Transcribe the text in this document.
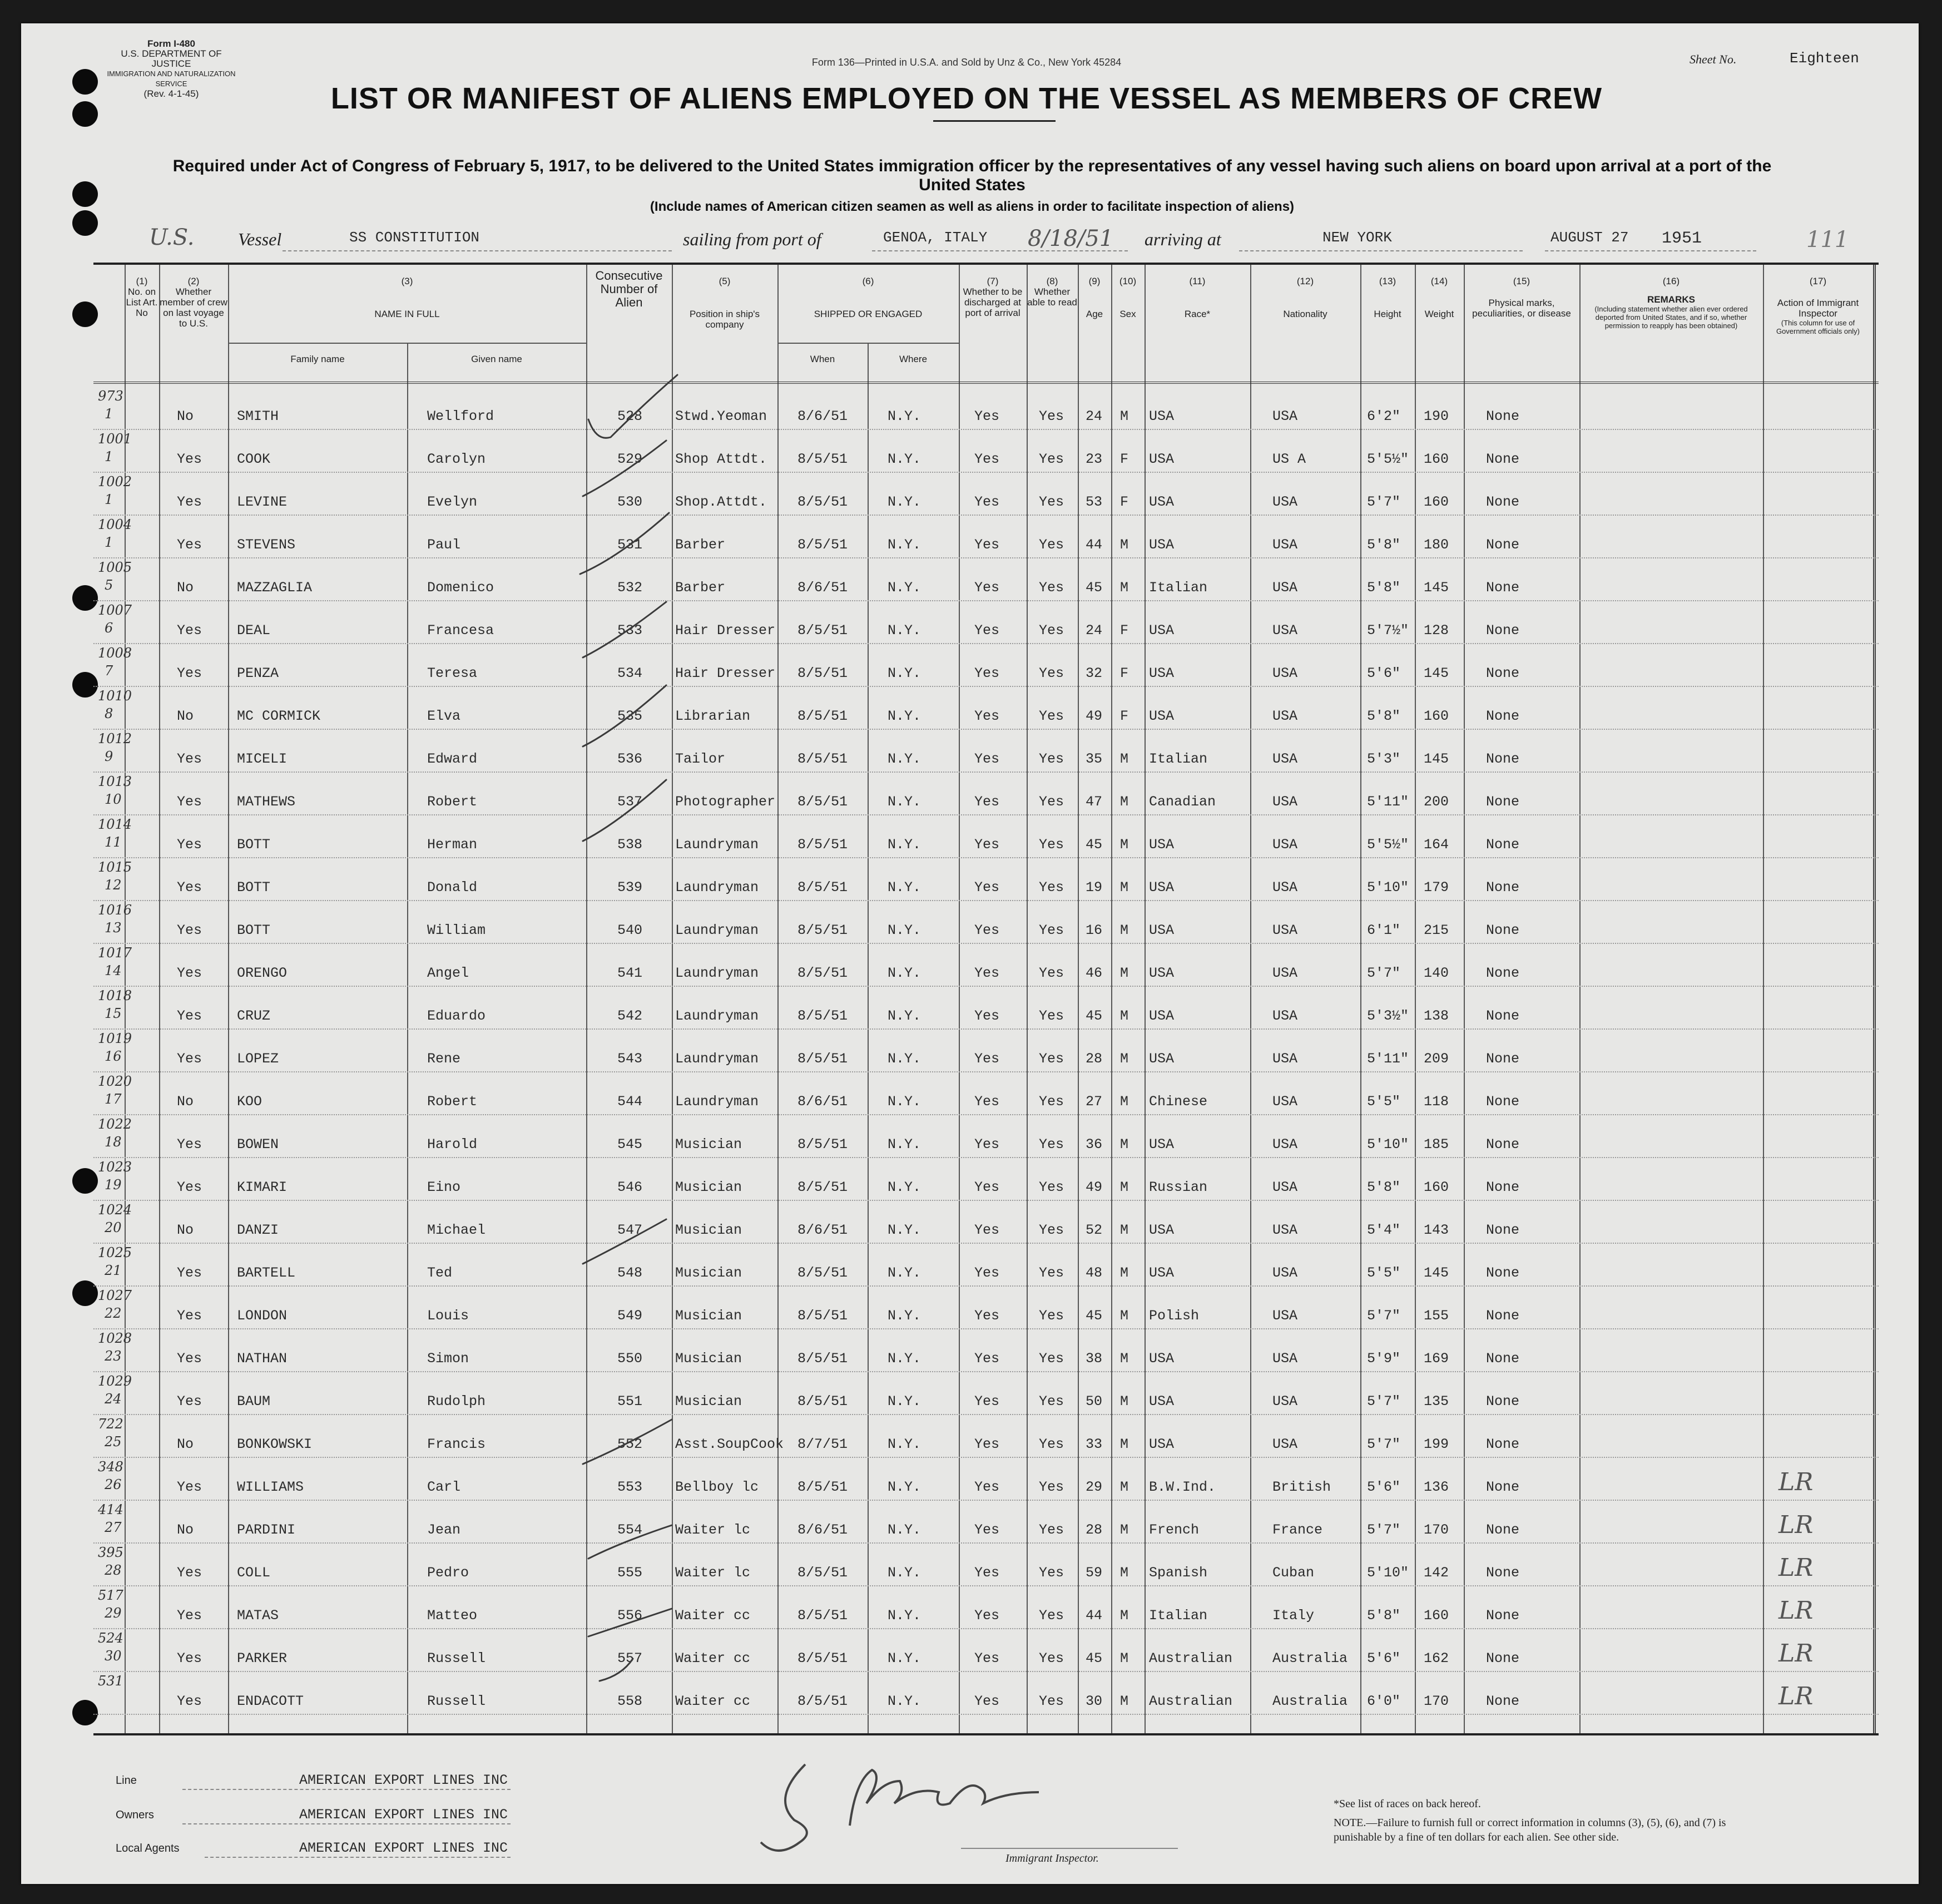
Form I-480
U.S. DEPARTMENT OF JUSTICE
IMMIGRATION AND NATURALIZATION SERVICE
(Rev. 4-1-45)
Form 136—Printed in U.S.A. and Sold by Unz & Co., New York 45284	Sheet No.	Eighteen
LIST OR MANIFEST OF ALIENS EMPLOYED ON THE VESSEL AS MEMBERS OF CREW
Required under Act of Congress of February 5, 1917, to be delivered to the United States immigration officer by the representatives of any vessel having such aliens on board upon arrival at a port of the United States
(Include names of American citizen seamen as well as aliens in order to facilitate inspection of aliens)
U.S. Vessel	SS CONSTITUTION	sailing from port of	GENOA, ITALY 8/18/51 arriving at	NEW YORK	AUGUST 27 1951	111
(1)
No. on List Art. No
(2)
Whether member of crew on last voyage to U.S.
(3)
NAME IN FULL
Family name	Given name
Consecutive Number of Alien
(5)
Position in ship's company
(6)
SHIPPED OR ENGAGED
When	Where
(7)
Whether to be discharged at port of arrival
(8)
Whether able to read
(9)
Age
(10)
Sex
(11)
Race*
(12)
Nationality
(13)
Height
(14)
Weight
(15)
Physical marks, peculiarities, or disease
(16)
REMARKS
(Including statement whether alien ever ordered deported from United States, and if so, whether permission to reapply has been obtained)
(17)
Action of Immigrant Inspector
(This column for use of Government officials only)
973
1	No	SMITH	Wellford	528 Stwd.Yeoman 8/6/51	N.Y.	Yes	Yes 24 M USA	USA	6'2" 190	None
1001
1	Yes	COOK	Carolyn	529 Shop Attdt. 8/5/51	N.Y.	Yes	Yes 23 F USA	US A	5'5½" 160	None
1002
1	Yes	LEVINE	Evelyn	530 Shop.Attdt. 8/5/51	N.Y.	Yes	Yes 53 F USA	USA	5'7" 160	None
1004
1	Yes	STEVENS	Paul	531 Barber	8/5/51	N.Y.	Yes	Yes 44 M USA	USA	5'8" 180	None
1005
5	No	MAZZAGLIA	Domenico	532 Barber	8/6/51	N.Y.	Yes	Yes 45 M Italian	USA	5'8" 145	None
1007
6	Yes	DEAL	Francesa	533 Hair Dresser 8/5/51	N.Y.	Yes	Yes 24 F USA	USA	5'7½" 128	None
1008
7	Yes	PENZA	Teresa	534 Hair Dresser 8/5/51	N.Y.	Yes	Yes 32 F USA	USA	5'6" 145	None
1010
8	No	MC CORMICK	Elva	535 Librarian	8/5/51	N.Y.	Yes	Yes 49 F USA	USA	5'8" 160	None
1012
9	Yes	MICELI	Edward	536 Tailor	8/5/51	N.Y.	Yes	Yes 35 M Italian	USA	5'3" 145	None
1013
10	Yes	MATHEWS	Robert	537 Photographer 8/5/51	N.Y.	Yes	Yes 47 M Canadian	USA	5'11" 200	None
1014
11	Yes	BOTT	Herman	538 Laundryman	8/5/51	N.Y.	Yes	Yes 45 M USA	USA	5'5½" 164	None
1015
12	Yes	BOTT	Donald	539 Laundryman	8/5/51	N.Y.	Yes	Yes 19 M USA	USA	5'10" 179	None
1016
13	Yes	BOTT	William	540 Laundryman	8/5/51	N.Y.	Yes	Yes 16 M USA	USA	6'1" 215	None
1017
14	Yes	ORENGO	Angel	541 Laundryman	8/5/51	N.Y.	Yes	Yes 46 M USA	USA	5'7" 140	None
1018
15	Yes	CRUZ	Eduardo	542 Laundryman	8/5/51	N.Y.	Yes	Yes 45 M USA	USA	5'3½" 138	None
1019
16	Yes	LOPEZ	Rene	543 Laundryman	8/5/51	N.Y.	Yes	Yes 28 M USA	USA	5'11" 209	None
1020
17	No	KOO	Robert	544 Laundryman	8/6/51	N.Y.	Yes	Yes 27 M Chinese	USA	5'5" 118	None
1022
18	Yes	BOWEN	Harold	545 Musician	8/5/51	N.Y.	Yes	Yes 36 M USA	USA	5'10" 185	None
1023
19	Yes	KIMARI	Eino	546 Musician	8/5/51	N.Y.	Yes	Yes 49 M Russian	USA	5'8" 160	None
1024
20	No	DANZI	Michael	547 Musician	8/6/51	N.Y.	Yes	Yes 52 M USA	USA	5'4" 143	None
1025
21	Yes	BARTELL	Ted	548 Musician	8/5/51	N.Y.	Yes	Yes 48 M USA	USA	5'5" 145	None
1027
22	Yes	LONDON	Louis	549 Musician	8/5/51	N.Y.	Yes	Yes 45 M Polish	USA	5'7" 155	None
1028
23	Yes	NATHAN	Simon	550 Musician	8/5/51	N.Y.	Yes	Yes 38 M USA	USA	5'9" 169	None
1029
24	Yes	BAUM	Rudolph	551 Musician	8/5/51	N.Y.	Yes	Yes 50 M USA	USA	5'7" 135	None
722
25	No	BONKOWSKI	Francis	552 Asst.SoupCook 8/7/51	N.Y.	Yes	Yes 33 M USA	USA	5'7" 199	None
348
26	Yes	WILLIAMS	Carl	553 Bellboy lc	8/5/51	N.Y.	Yes	Yes 29 M B.W.Ind.	British	5'6" 136	None	LR
414
27	No	PARDINI	Jean	554 Waiter lc	8/6/51	N.Y.	Yes	Yes 28 M French	France	5'7" 170	None	LR
395
28	Yes	COLL	Pedro	555 Waiter lc	8/5/51	N.Y.	Yes	Yes 59 M Spanish	Cuban	5'10" 142	None	LR
517
29	Yes	MATAS	Matteo	556 Waiter cc	8/5/51	N.Y.	Yes	Yes 44 M Italian	Italy	5'8" 160	None	LR
524
30	Yes	PARKER	Russell	557 Waiter cc	8/5/51	N.Y.	Yes	Yes 45 M Australian	Australia 5'6" 162	None	LR
531
Yes	ENDACOTT	Russell	558 Waiter cc	8/5/51	N.Y.	Yes	Yes 30 M Australian	Australia 6'0" 170	None	LR
Line	AMERICAN EXPORT LINES INC
Owners	AMERICAN EXPORT LINES INC
Local Agents	AMERICAN EXPORT LINES INC
Immigrant Inspector.
*See list of races on back hereof.
NOTE.—Failure to furnish full or correct information in columns (3), (5), (6), and (7) is punishable by a fine of ten dollars for each alien. See other side.
